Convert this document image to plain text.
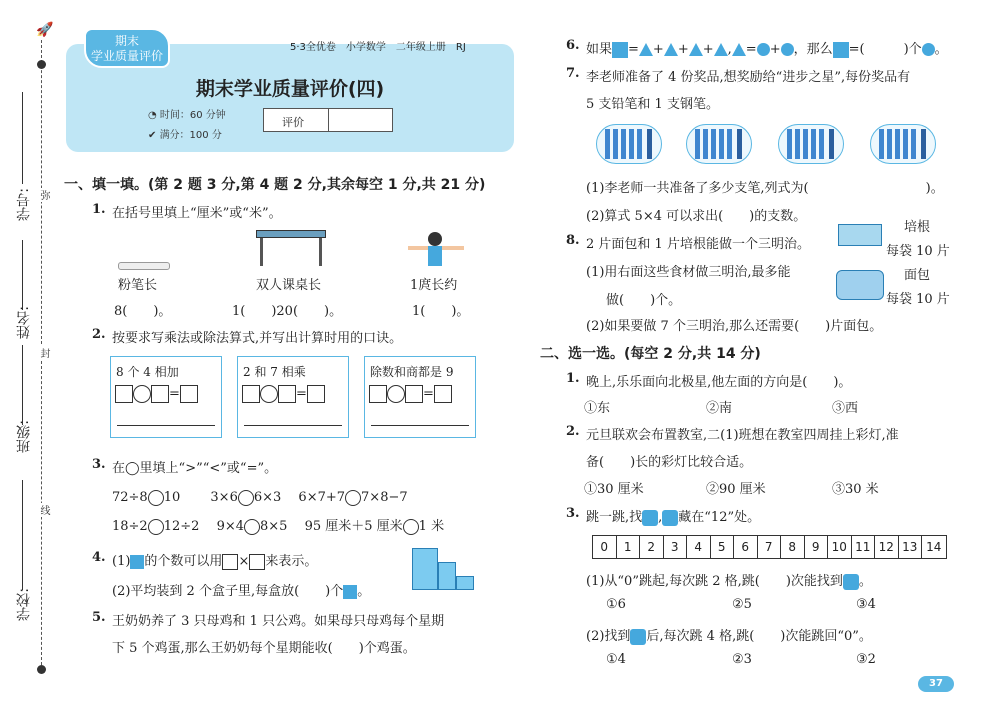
🚀
学号:
姓名:
班级:
学校:
弥
封
线
期末
学业质量评价
5·3全优卷　小学数学　二年级上册　RJ
期末学业质量评价(四)
◔ 时间：60 分钟
✔ 满分：100 分
评价
一、填一填。(第 2 题 3 分,第 4 题 2 分,其余每空 1 分,共 21 分)
1. 在括号里填上“厘米”或“米”。
粉笔长	双人课桌长	1庹长约
8(　　)。	1(　　)20(　　)。	1(　　)。
2. 按要求写乘法或除法算式,并写出计算时用的口诀。
8 个 4 相加
=
2 和 7 相乘
=
除数和商都是 9
=
3. 在◯里填上“>”“<”或“=”。
72÷8 10　　 3×6 6×3　 6×7+7 7×8−7
18÷2 12÷2　 9×4 8×5　 95 厘米＋5 厘米 1 米
4. (1) 的个数可以用 × 来表示。
(2)平均装到 2 个盒子里,每盒放(　　)个 。
5. 王奶奶养了 3 只母鸡和 1 只公鸡。如果母只母鸡每个星期
下 5 个鸡蛋,那么王奶奶每个星期能收(　　)个鸡蛋。
6. 如果 = + + + , = + ，那么 =(　　　)个 。
7. 李老师准备了 4 份奖品,想奖励给“进步之星”,每份奖品有
5 支铅笔和 1 支钢笔。
(1)李老师一共准备了多少支笔,列式为(　　　　　　　　　)。
(2)算式 5×4 可以求出(　　)的支数。
8. 2 片面包和 1 片培根能做一个三明治。
(1)用右面这些食材做三明治,最多能
做(　　)个。
(2)如果要做 7 个三明治,那么还需要(　　)片面包。
培根
每袋 10 片
面包
每袋 10 片
二、选一选。(每空 2 分,共 14 分)
1. 晚上,乐乐面向北极星,他左面的方向是(　　)。
①东	②南	③西
2. 元旦联欢会布置教室,二(1)班想在教室四周挂上彩灯,准
备(　　)长的彩灯比较合适。
①30 厘米	②90 厘米	③30 米
3. 跳一跳,找 , 藏在“12”处。
0	1	2	3	4	5	6	7	8	9	10 11 12 13 14
(1)从“0”跳起,每次跳 2 格,跳(　　)次能找到 。
①6	②5	③4
(2)找到 后,每次跳 4 格,跳(　　)次能跳回“0”。
①4	②3	③2
37
